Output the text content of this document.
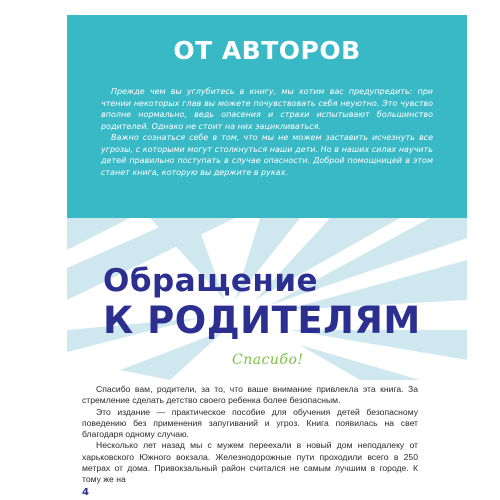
ОТ АВТОРОВ

Прежде чем вы углубитесь в книгу, мы хотим вас предупредить: при чтении некоторых глав вы можете почувствовать себя неуютно. Это чувство вполне нормально, ведь опасения и страхи испытывают большинство родителей. Однако не стоит на них зацикливаться.

Важно сознаться себе в том, что мы не можем заставить исчезнуть все угрозы, с которыми могут столкнуться наши дети. Но в наших силах научить детей правильно поступать в случае опасности. Доброй помощницей в этом станет книга, которую вы держите в руках.

Обращение
К РОДИТЕЛЯМ
Спасибо!

Спасибо вам, родители, за то, что ваше внимание привлекла эта книга. За стремление сделать детство своего ребенка более безопасным.

Это издание — практическое пособие для обучения детей безопасному поведению без применения запугиваний и угроз. Книга появилась на свет благодаря одному случаю.

Несколько лет назад мы с мужем переехали в новый дом неподалеку от харьковского Южного вокзала. Железнодорожные пути проходили всего в 250 метрах от дома. Привокзальный район считался не самым лучшим в городе. К тому же на

4
